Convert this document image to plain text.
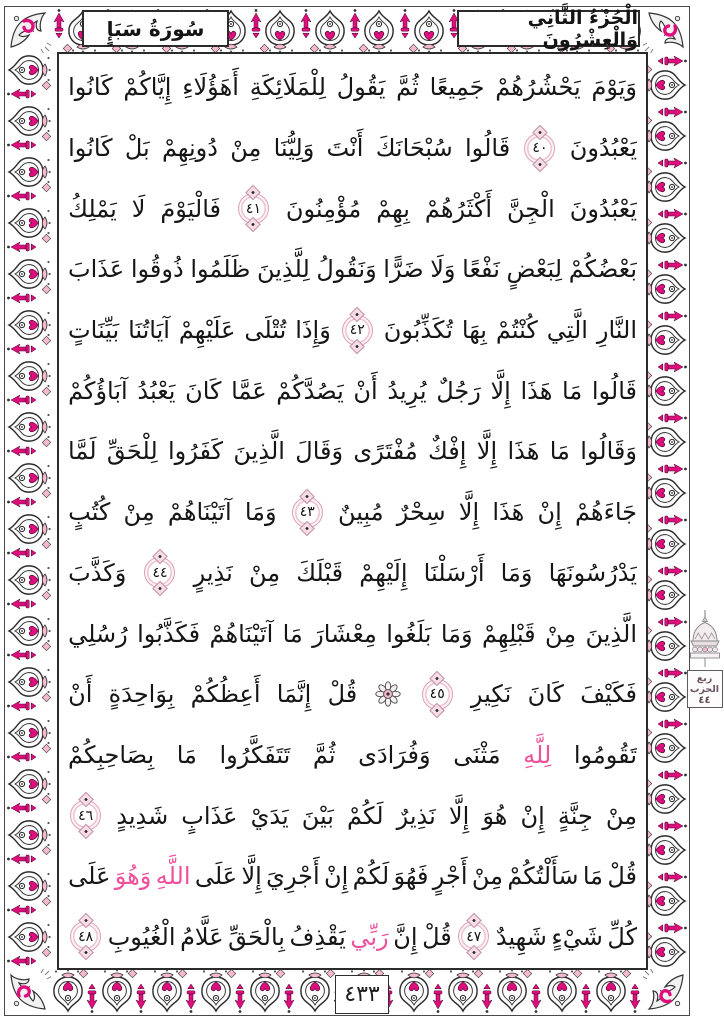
سُورَةُ سَبَإٍ	الْجُزْءُ الثَّانِي وَالْعِشْرُونَ
وَيَوْمَ
يَحْشُرُهُمْ
جَمِيعًا
ثُمَّ
يَقُولُ
لِلْمَلَائِكَةِ
أَهَؤُلَاءِ
إِيَّاكُمْ
كَانُوا
يَعْبُدُونَ
٤٠
قَالُوا
سُبْحَانَكَ
أَنْتَ
وَلِيُّنَا
مِنْ
دُونِهِمْ
بَلْ
كَانُوا
يَعْبُدُونَ
الْجِنَّ
أَكْثَرُهُمْ
بِهِمْ
مُؤْمِنُونَ
٤١
فَالْيَوْمَ
لَا
يَمْلِكُ
بَعْضُكُمْ
لِبَعْضٍ
نَفْعًا
وَلَا
ضَرًّا
وَنَقُولُ
لِلَّذِينَ
ظَلَمُوا
ذُوقُوا
عَذَابَ
النَّارِ
الَّتِي
كُنْتُمْ
بِهَا
تُكَذِّبُونَ
٤٢
وَإِذَا
تُتْلَى
عَلَيْهِمْ
آيَاتُنَا
بَيِّنَاتٍ
قَالُوا
مَا
هَذَا
إِلَّا
رَجُلٌ
يُرِيدُ
أَنْ
يَصُدَّكُمْ
عَمَّا
كَانَ
يَعْبُدُ
آبَاؤُكُمْ
وَقَالُوا
مَا
هَذَا
إِلَّا
إِفْكٌ
مُفْتَرًى
وَقَالَ
الَّذِينَ
كَفَرُوا
لِلْحَقِّ
لَمَّا
جَاءَهُمْ
إِنْ
هَذَا
إِلَّا
سِحْرٌ
مُبِينٌ
٤٣
وَمَا
آتَيْنَاهُمْ
مِنْ
كُتُبٍ
يَدْرُسُونَهَا
وَمَا
أَرْسَلْنَا
إِلَيْهِمْ
قَبْلَكَ
مِنْ
نَذِيرٍ
٤٤
وَكَذَّبَ
الَّذِينَ
مِنْ
قَبْلِهِمْ
وَمَا
بَلَغُوا
مِعْشَارَ
مَا
آتَيْنَاهُمْ
فَكَذَّبُوا
رُسُلِي
فَكَيْفَ
كَانَ
نَكِيرِ
٤٥
قُلْ
إِنَّمَا
أَعِظُكُمْ
بِوَاحِدَةٍ
أَنْ
تَقُومُوا
لِلَّهِ
مَثْنَى
وَفُرَادَى
ثُمَّ
تَتَفَكَّرُوا
مَا
بِصَاحِبِكُمْ
مِنْ
جِنَّةٍ
إِنْ
هُوَ
إِلَّا
نَذِيرٌ
لَكُمْ
بَيْنَ
يَدَيْ
عَذَابٍ
شَدِيدٍ
٤٦
قُلْ
مَا
سَأَلْتُكُمْ
مِنْ
أَجْرٍ
فَهُوَ
لَكُمْ
إِنْ
أَجْرِيَ
إِلَّا
عَلَى
اللَّهِ
وَهُوَ
عَلَى
كُلِّ
شَيْءٍ
شَهِيدٌ
٤٧
قُلْ
إِنَّ
رَبِّي
يَقْذِفُ
بِالْحَقِّ
عَلَّامُ
الْغُيُوبِ
٤٨
ربع
الحزب
٤٤
٤٣٣
